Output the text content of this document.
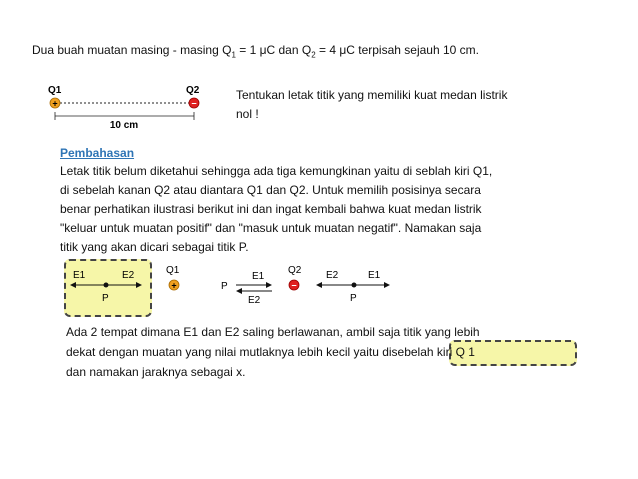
Dua buah muatan masing - masing $Q_1 = 1$ μC dan $Q_2 = 4$ μC terpisah sejauh 10 cm.
Q1	Q2
+	−
10 cm
E1	E2
P
Q1
+	P
E1
E2
Q2
−
E2	E1
P
Tentukan letak titik yang memiliki kuat medan listrik
nol !
Pembahasan
Letak titik belum diketahui sehingga ada tiga kemungkinan yaitu di seblah kiri Q1,
di sebelah kanan Q2 atau diantara Q1 dan Q2. Untuk memilih posisinya secara
benar perhatikan ilustrasi berikut ini dan ingat kembali bahwa kuat medan listrik
"keluar untuk muatan positif" dan "masuk untuk muatan negatif". Namakan saja
titik yang akan dicari sebagai titik P.
Ada 2 tempat dimana E1 dan E2 saling berlawanan, ambil saja titik yang lebih
dekat dengan muatan yang nilai mutlaknya lebih kecil yaitu disebelah kiri Q 1
dan namakan jaraknya sebagai x.
